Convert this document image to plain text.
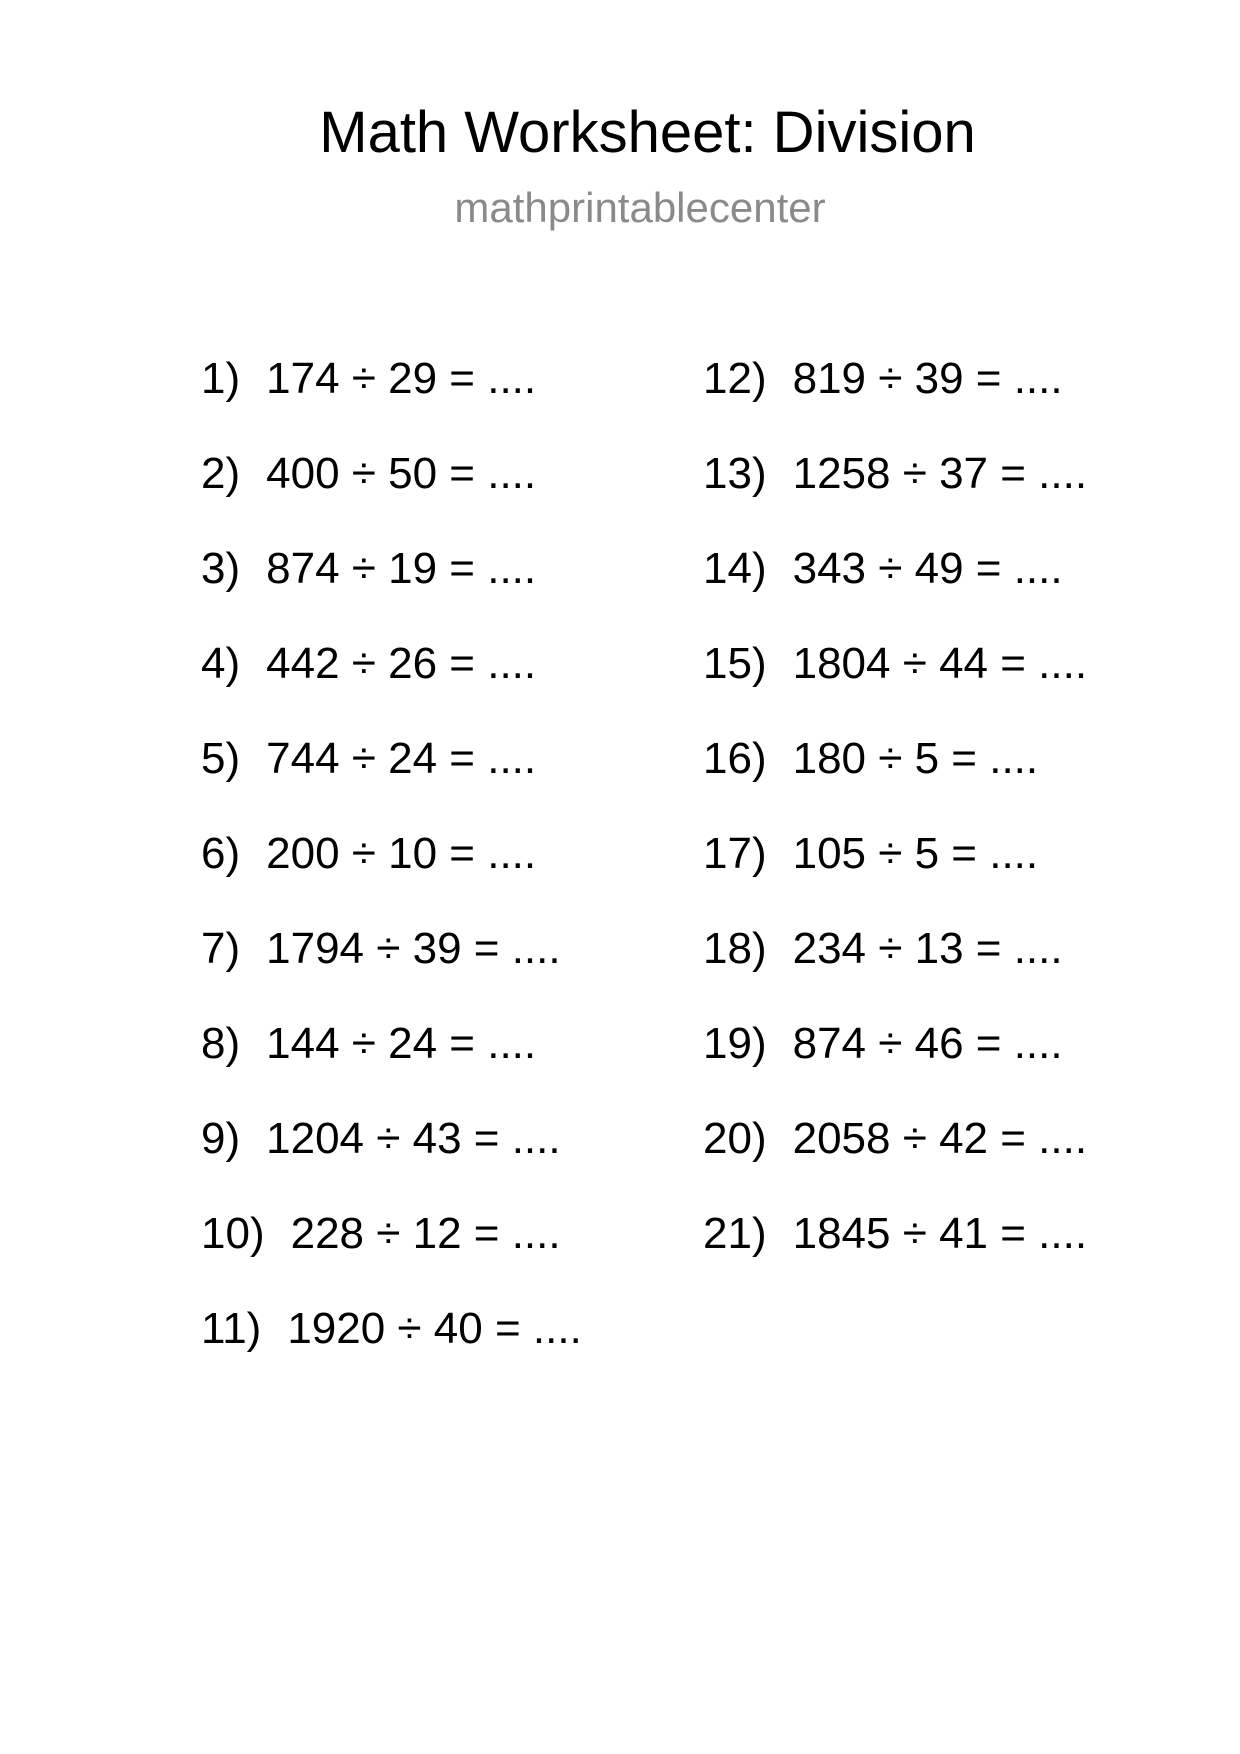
Math Worksheet: Division
mathprintablecenter
1) 174 ÷ 29 = ....
2) 400 ÷ 50 = ....
3) 874 ÷ 19 = ....
4) 442 ÷ 26 = ....
5) 744 ÷ 24 = ....
6) 200 ÷ 10 = ....
7) 1794 ÷ 39 = ....
8) 144 ÷ 24 = ....
9) 1204 ÷ 43 = ....
10) 228 ÷ 12 = ....
11) 1920 ÷ 40 = ....
12) 819 ÷ 39 = ....
13) 1258 ÷ 37 = ....
14) 343 ÷ 49 = ....
15) 1804 ÷ 44 = ....
16) 180 ÷ 5 = ....
17) 105 ÷ 5 = ....
18) 234 ÷ 13 = ....
19) 874 ÷ 46 = ....
20) 2058 ÷ 42 = ....
21) 1845 ÷ 41 = ....
